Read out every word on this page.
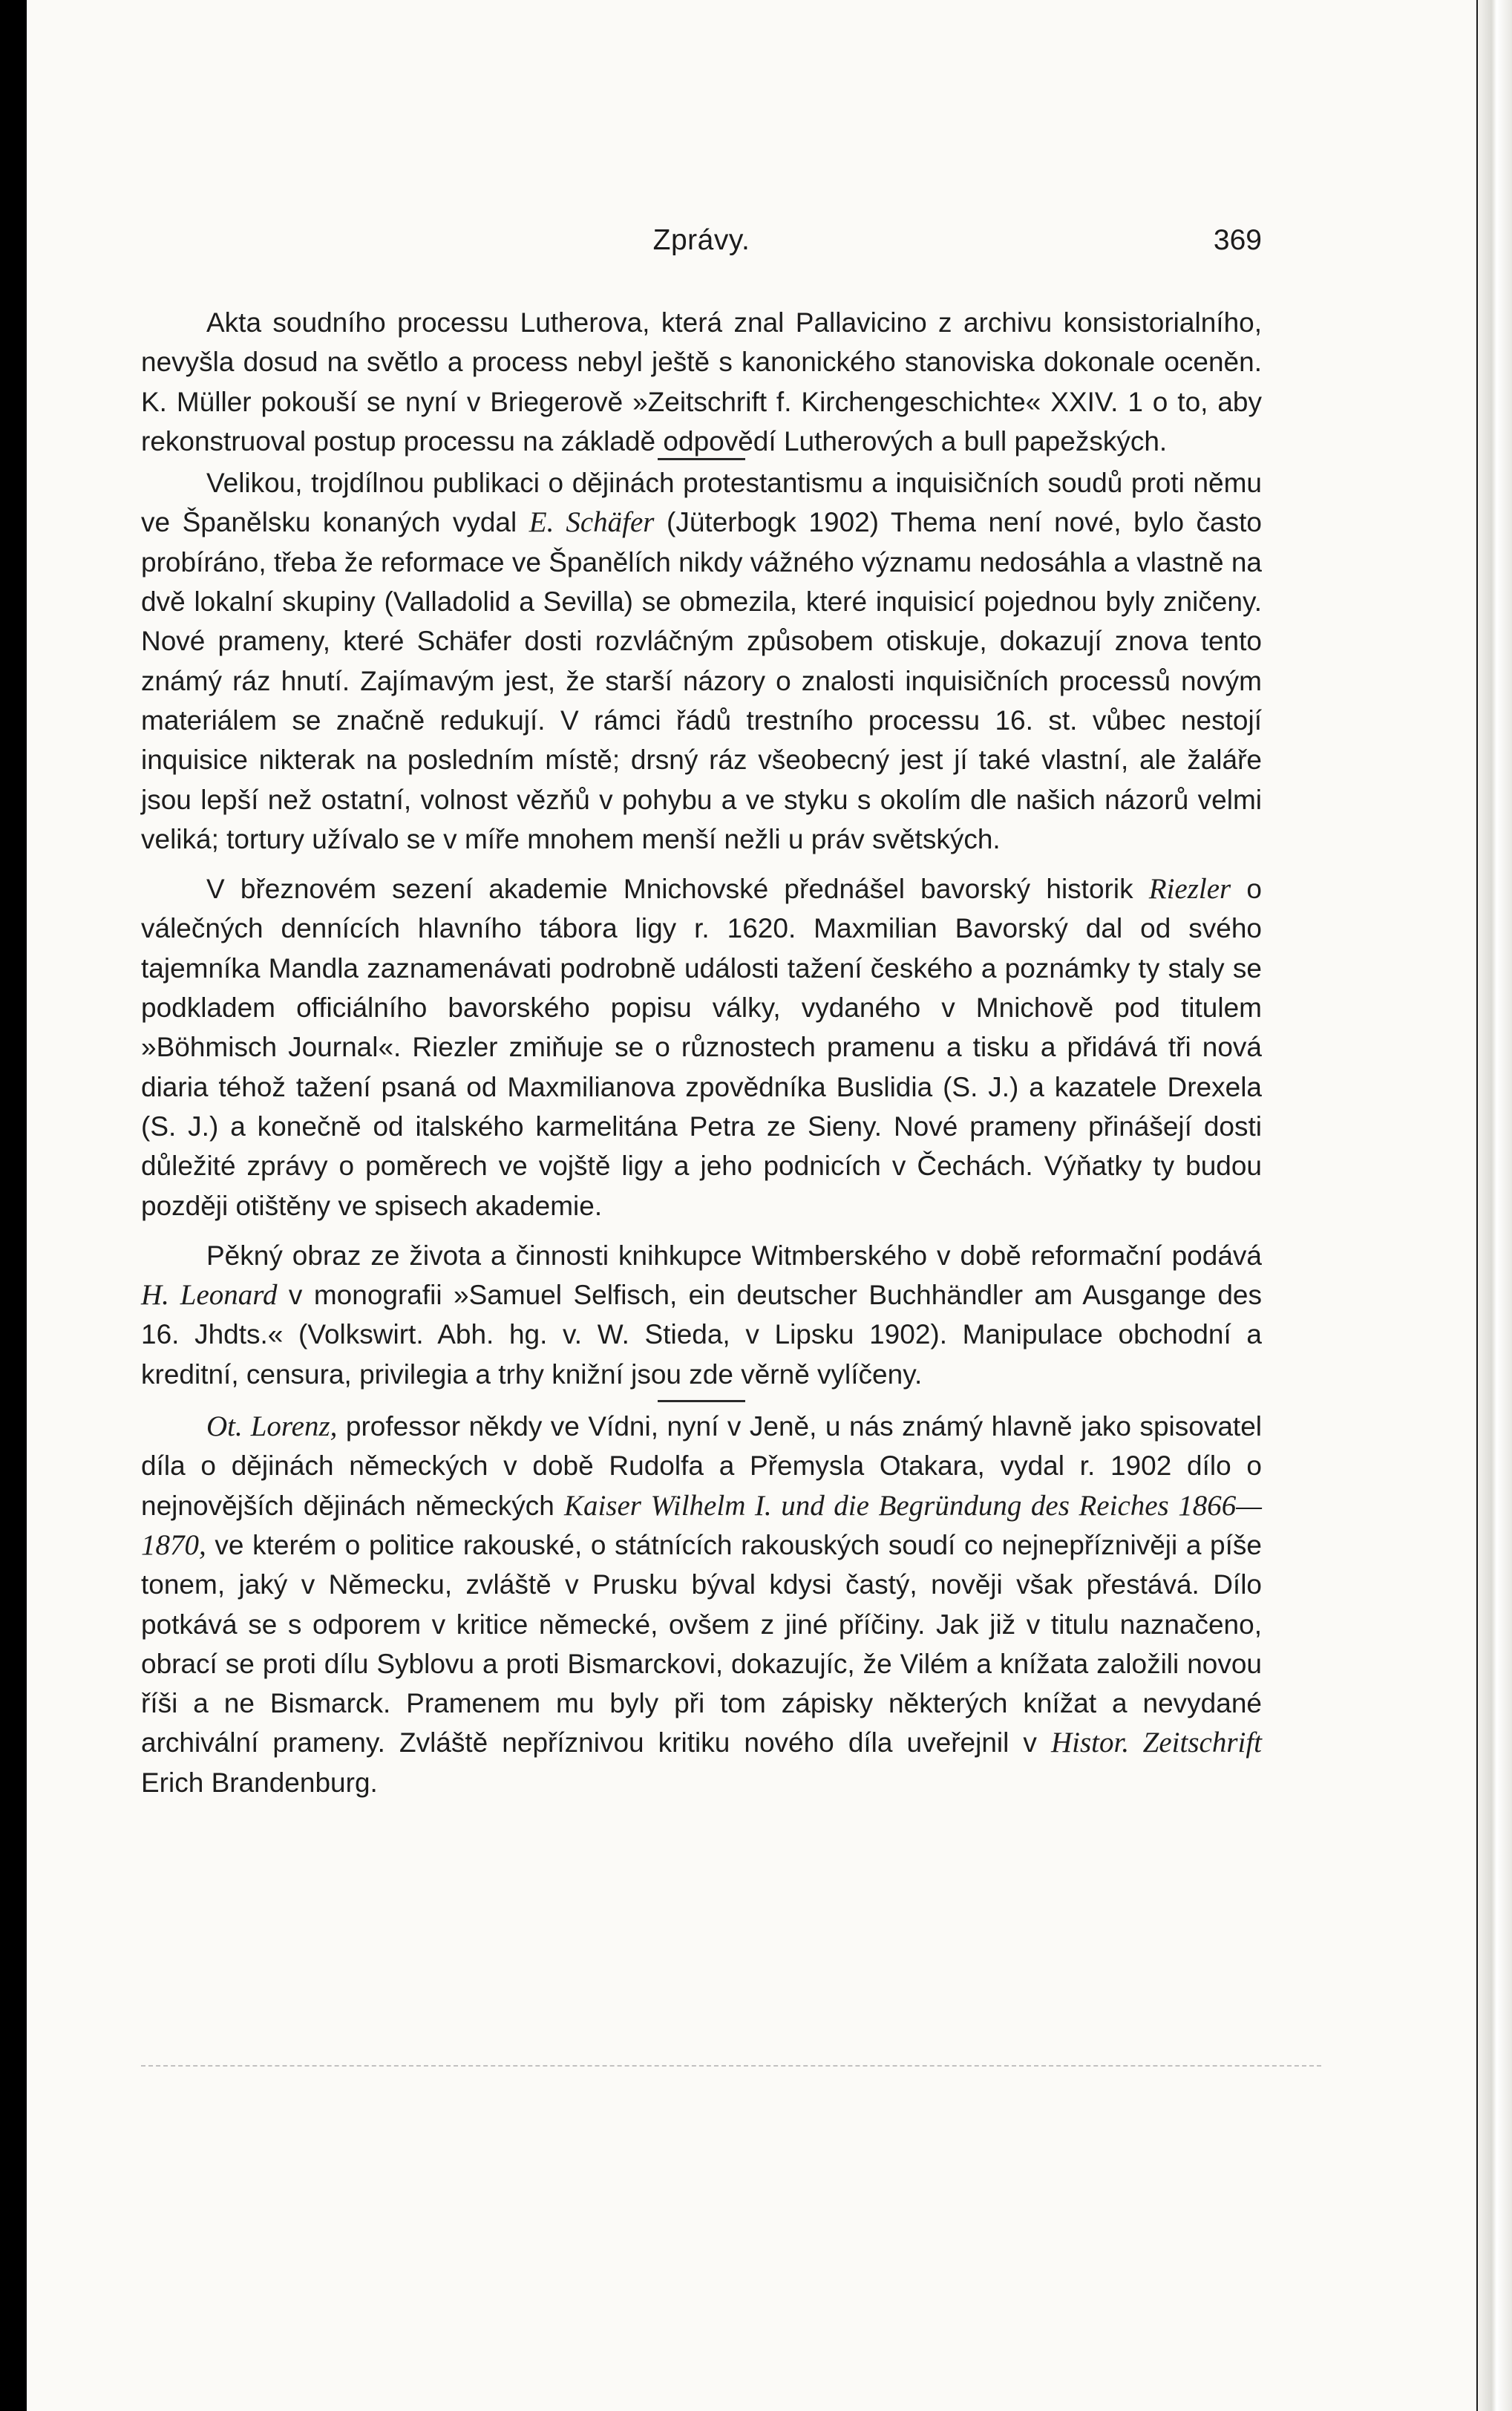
Zprávy.	369

Akta soudního processu Lutherova, která znal Pallavicino z archivu konsistorialního, nevyšla dosud na světlo a process nebyl ještě s kanonického stanoviska dokonale oceněn. K. Müller pokouší se nyní v Briegerově »Zeitschrift f. Kirchengeschichte« XXIV. 1 o to, aby rekonstruoval postup processu na základě odpovědí Lutherových a bull papežských.

Velikou, trojdílnou publikaci o dějinách protestantismu a inquisičních soudů proti němu ve Španělsku konaných vydal E. Schäfer (Jüterbogk 1902) Thema není nové, bylo často probíráno, třeba že reformace ve Španělích nikdy vážného významu nedosáhla a vlastně na dvě lokalní skupiny (Valladolid a Sevilla) se obmezila, které inquisicí pojednou byly zničeny. Nové prameny, které Schäfer dosti rozvláčným způsobem otiskuje, dokazují znova tento známý ráz hnutí. Zajímavým jest, že starší názory o znalosti inquisičních processů novým materiálem se značně redukují. V rámci řádů trestního processu 16. st. vůbec nestojí inquisice nikterak na posledním místě; drsný ráz všeobecný jest jí také vlastní, ale žaláře jsou lepší než ostatní, volnost vězňů v pohybu a ve styku s okolím dle našich názorů velmi veliká; tortury užívalo se v míře mnohem menší nežli u práv světských.

V březnovém sezení akademie Mnichovské přednášel bavorský historik Riezler o válečných dennících hlavního tábora ligy r. 1620. Maxmilian Bavorský dal od svého tajemníka Mandla zaznamenávati podrobně události tažení českého a poznámky ty staly se podkladem officiálního bavorského popisu války, vydaného v Mnichově pod titulem »Böhmisch Journal«. Riezler zmiňuje se o různostech pramenu a tisku a přidává tři nová diaria téhož tažení psaná od Maxmilianova zpovědníka Buslidia (S. J.) a kazatele Drexela (S. J.) a konečně od italského karmelitána Petra ze Sieny. Nové prameny přinášejí dosti důležité zprávy o poměrech ve vojště ligy a jeho podnicích v Čechách. Výňatky ty budou později otištěny ve spisech akademie.

Pěkný obraz ze života a činnosti knihkupce Witmberského v době reformační podává H. Leonard v monografii »Samuel Selfisch, ein deutscher Buchhändler am Ausgange des 16. Jhdts.« (Volkswirt. Abh. hg. v. W. Stieda, v Lipsku 1902). Manipulace obchodní a kreditní, censura, privilegia a trhy knižní jsou zde věrně vylíčeny.

Ot. Lorenz, professor někdy ve Vídni, nyní v Jeně, u nás známý hlavně jako spisovatel díla o dějinách německých v době Rudolfa a Přemysla Otakara, vydal r. 1902 dílo o nejnovějších dějinách německých Kaiser Wilhelm I. und die Begründung des Reiches 1866—1870, ve kterém o politice rakouské, o státnících rakouských soudí co nejnepříznivěji a píše tonem, jaký v Německu, zvláště v Prusku býval kdysi častý, nověji však přestává. Dílo potkává se s odporem v kritice německé, ovšem z jiné příčiny. Jak již v titulu naznačeno, obrací se proti dílu Syblovu a proti Bismarckovi, dokazujíc, že Vilém a knížata založili novou říši a ne Bismarck. Pramenem mu byly při tom zápisky některých knížat a nevydané archivální prameny. Zvláště nepříznivou kritiku nového díla uveřejnil v Histor. Zeitschrift Erich Brandenburg.
